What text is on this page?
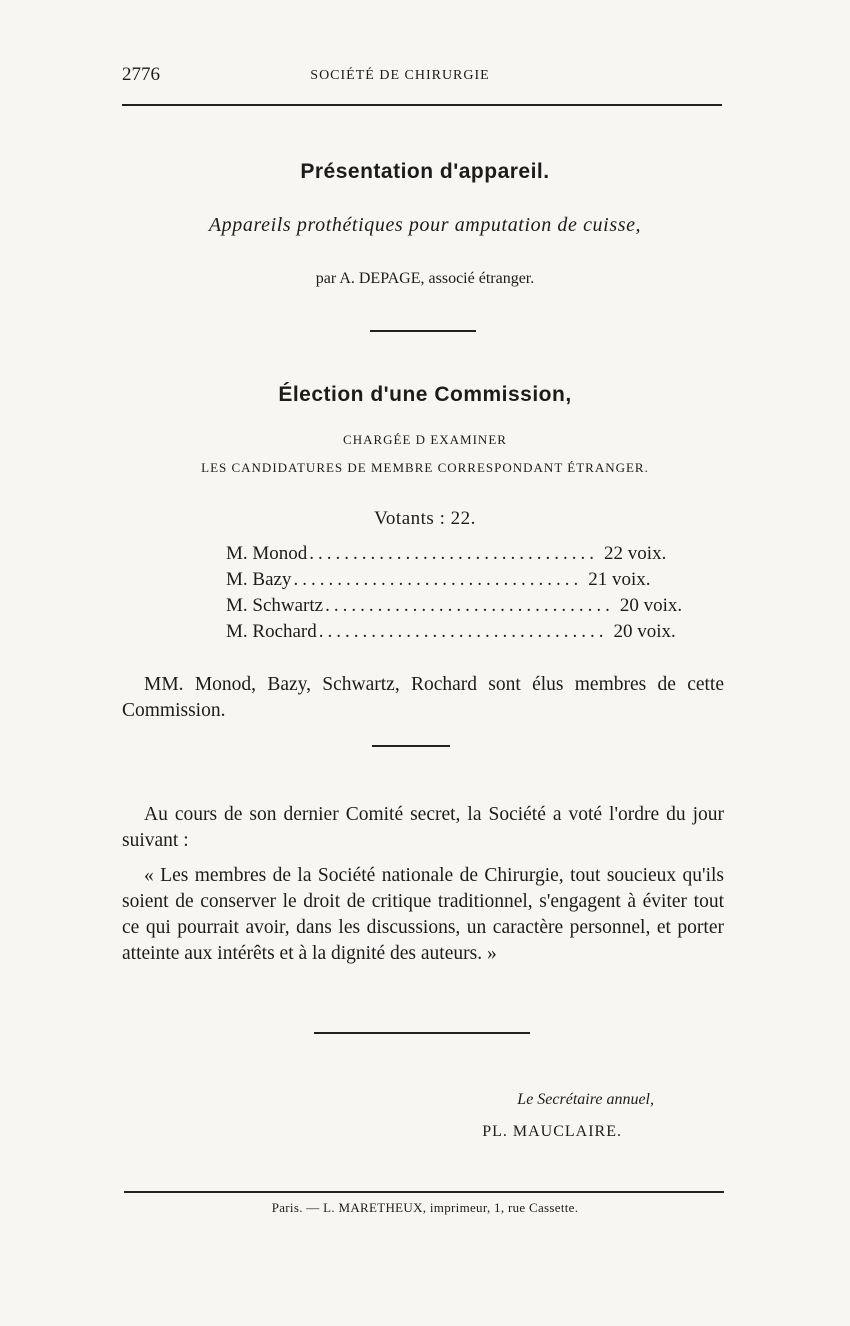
2776	SOCIÉTÉ DE CHIRURGIE
Présentation d'appareil.
Appareils prothétiques pour amputation de cuisse,
par A. DEPAGE, associé étranger.
Élection d'une Commission,
CHARGÉE D EXAMINER
LES CANDIDATURES DE MEMBRE CORRESPONDANT ÉTRANGER.
Votants : 22.
M. Monod ................................. 22 voix.
M. Bazy ................................. 21 voix.
M. Schwartz ................................. 20 voix.
M. Rochard ................................. 20 voix.
MM. Monod, Bazy, Schwartz, Rochard sont élus membres de cette Commission.
Au cours de son dernier Comité secret, la Société a voté l'ordre du jour suivant :
« Les membres de la Société nationale de Chirurgie, tout soucieux qu'ils soient de conserver le droit de critique traditionnel, s'engagent à éviter tout ce qui pourrait avoir, dans les discussions, un caractère personnel, et porter atteinte aux intérêts et à la dignité des auteurs. »
Le Secrétaire annuel,
PL. MAUCLAIRE.
Paris. — L. MARETHEUX, imprimeur, 1, rue Cassette.
